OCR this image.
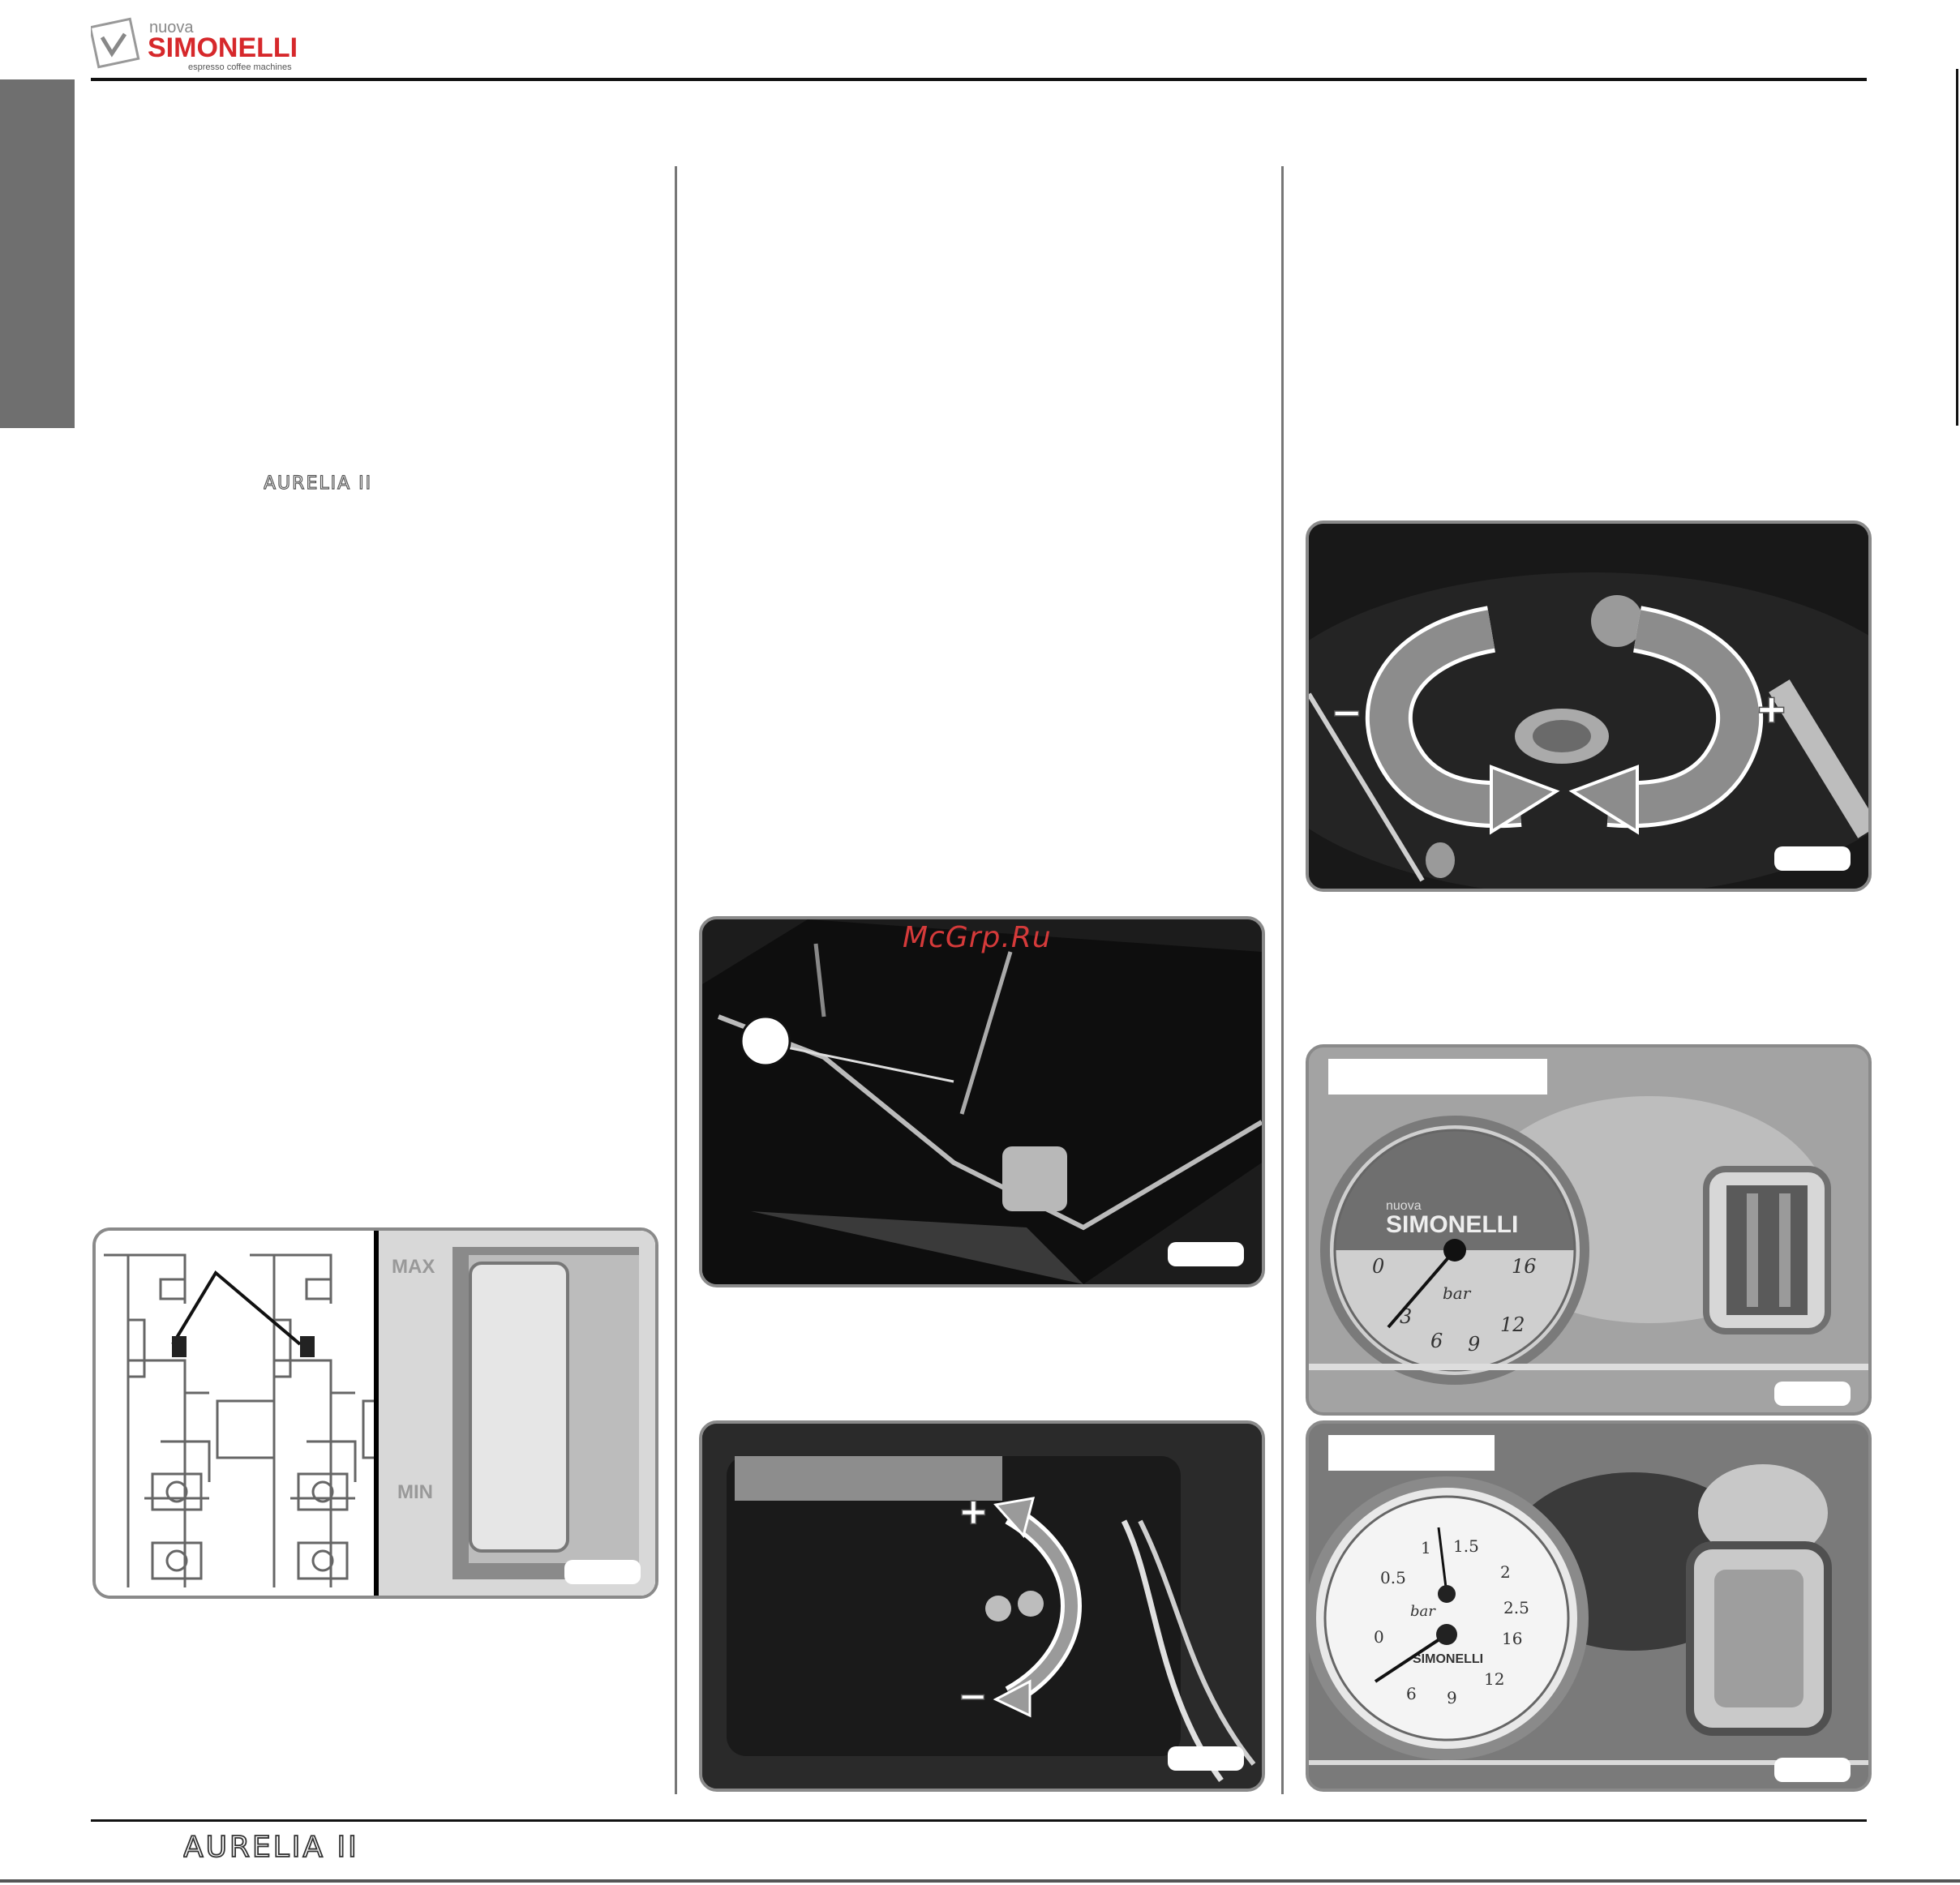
nuova
SIMONELLI
espresso coffee machines
AURELIA II
MAX
MIN
McGrp.Ru
+
–
–	+
nuova
SIMONELLI
0
3
6 9
12
16
bar
0.5
1 1.5
2
2.5
0
6 9
12
16
bar
SIMONELLI
AURELIA II
